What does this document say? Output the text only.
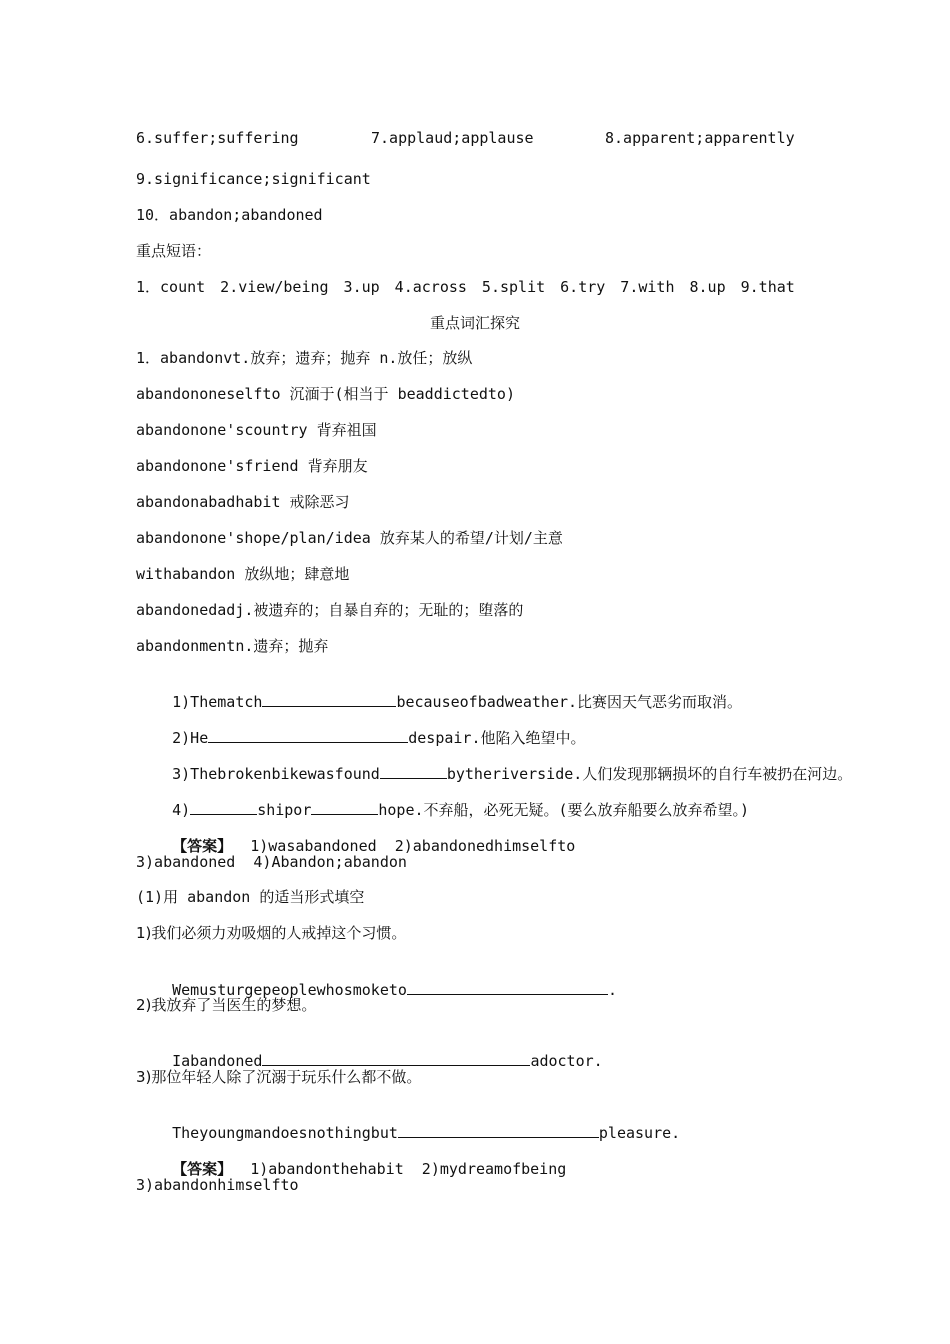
6.suffer;suffering	7.applaud;applause	8.apparent;apparently
9.significance;significant
10．abandon;abandoned
重点短语：
1．count　2.view/being　3.up　4.across　5.split　6.try　7.with　8.up　9.that
重点词汇探究
1．abandonvt.放弃；遗弃；抛弃 n.放任；放纵
abandononeselfto 沉湎于(相当于 beaddictedto)
abandonone'scountry 背弃祖国
abandonone'sfriend 背弃朋友
abandonabadhabit 戒除恶习
abandonone'shope/plan/idea 放弃某人的希望/计划/主意
withabandon 放纵地；肆意地
abandonedadj.被遗弃的；自暴自弃的；无耻的；堕落的
abandonmentn.遗弃；抛弃

1)Thematch	becauseofbadweather.比赛因天气恶劣而取消。

2)He	despair.他陷入绝望中。

3)Thebrokenbikewasfound	bytheriverside.人们发现那辆损坏的自行车被扔在河边。

4)	shipor	hope.不弃船，必死无疑。(要么放弃船要么放弃希望。)

【答案】  1)wasabandoned  2)abandonedhimselfto

3)abandoned  4)Abandon;abandon
(1)用 abandon 的适当形式填空
1)我们必须力劝吸烟的人戒掉这个习惯。

Wemusturgepeoplewhosmoketo	.

2)我放弃了当医生的梦想。

Iabandoned	adoctor.

3)那位年轻人除了沉溺于玩乐什么都不做。

Theyoungmandoesnothingbut	pleasure.

【答案】  1)abandonthehabit  2)mydreamofbeing

3)abandonhimselfto
